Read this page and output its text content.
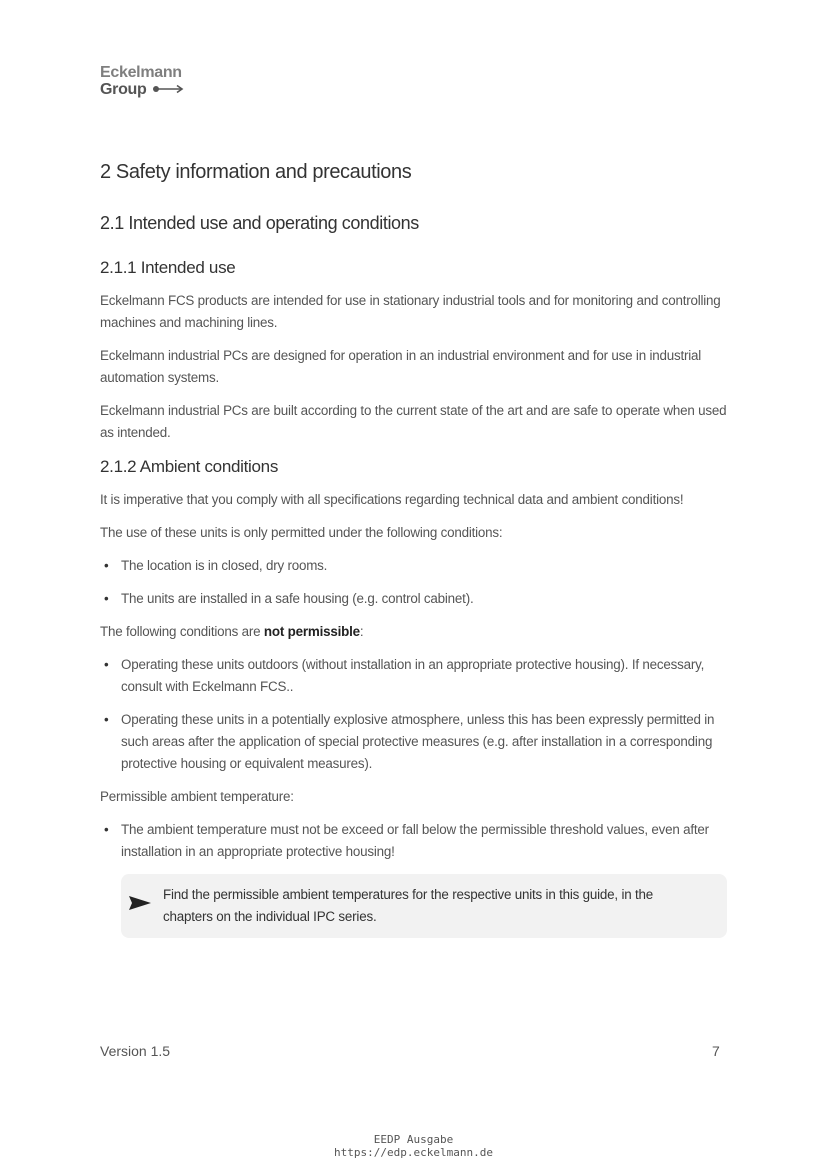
Eckelmann
Group
2 Safety information and precautions
2.1 Intended use and operating conditions
2.1.1 Intended use

Eckelmann FCS products are intended for use in stationary industrial tools and for monitoring and controlling machines and machining lines.

Eckelmann industrial PCs are designed for operation in an industrial environment and for use in industrial automation systems.

Eckelmann industrial PCs are built according to the current state of the art and are safe to operate when used as intended.

2.1.2 Ambient conditions

It is imperative that you comply with all specifications regarding technical data and ambient conditions!

The use of these units is only permitted under the following conditions:

• The location is in closed, dry rooms.
• The units are installed in a safe housing (e.g. control cabinet).

The following conditions are not permissible:

• Operating these units outdoors (without installation in an appropriate protective housing). If necessary, consult with Eckelmann FCS..
• Operating these units in a potentially explosive atmosphere, unless this has been expressly permitted in such areas after the application of special protective measures (e.g. after installation in a corresponding protective housing or equivalent measures).

Permissible ambient temperature:

• The ambient temperature must not be exceed or fall below the permissible threshold values, even after installation in an appropriate protective housing!

Find the permissible ambient temperatures for the respective units in this guide, in the chapters on the individual IPC series.

Version 1.5	7
EEDP Ausgabe
https://edp.eckelmann.de
